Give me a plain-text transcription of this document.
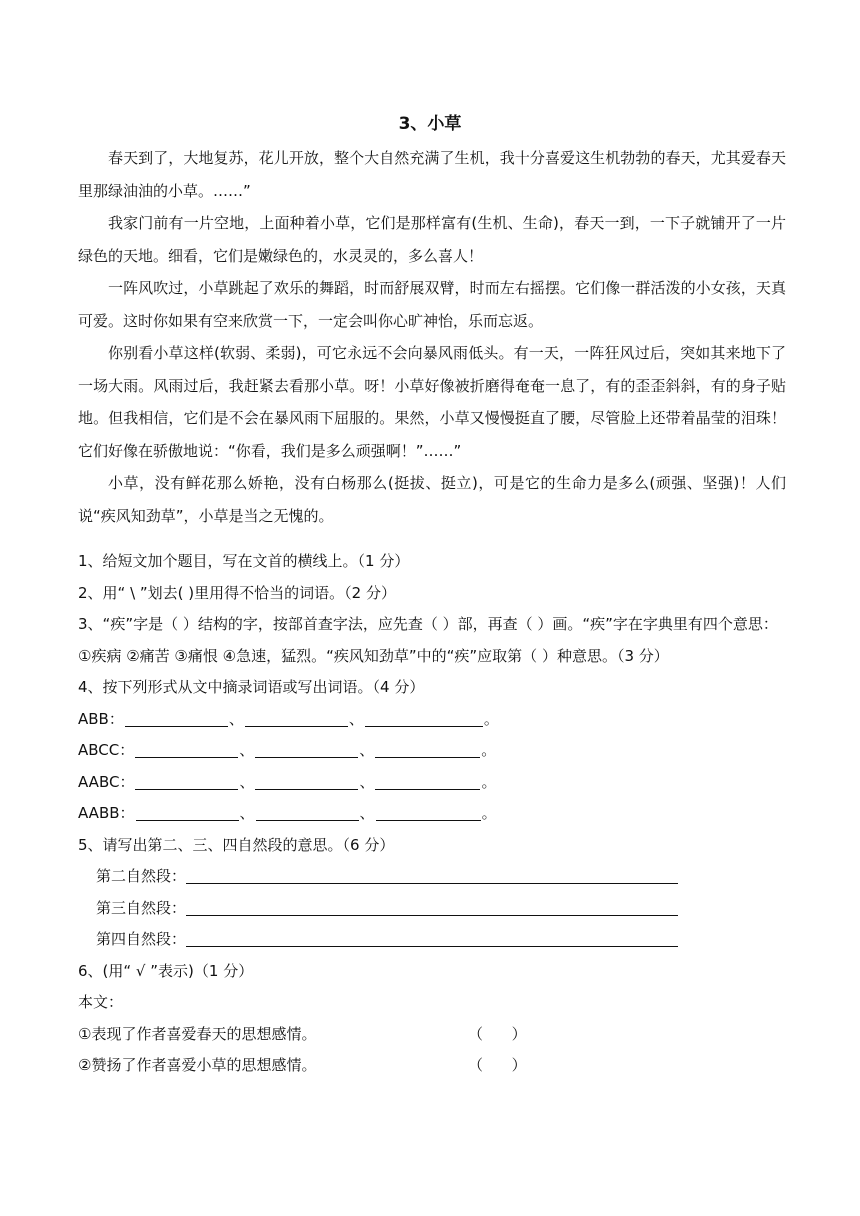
3、小草

春天到了，大地复苏，花儿开放，整个大自然充满了生机，我十分喜爱这生机勃勃的春天，尤其爱春天里那绿油油的小草。……”

我家门前有一片空地，上面种着小草，它们是那样富有(生机、生命)，春天一到，一下子就铺开了一片绿色的天地。细看，它们是嫩绿色的，水灵灵的，多么喜人！

一阵风吹过，小草跳起了欢乐的舞蹈，时而舒展双臂，时而左右摇摆。它们像一群活泼的小女孩，天真可爱。这时你如果有空来欣赏一下，一定会叫你心旷神怡，乐而忘返。

你别看小草这样(软弱、柔弱)，可它永远不会向暴风雨低头。有一天，一阵狂风过后，突如其来地下了一场大雨。风雨过后，我赶紧去看那小草。呀！小草好像被折磨得奄奄一息了，有的歪歪斜斜，有的身子贴地。但我相信，它们是不会在暴风雨下屈服的。果然，小草又慢慢挺直了腰，尽管脸上还带着晶莹的泪珠！它们好像在骄傲地说：“你看，我们是多么顽强啊！”……”

小草，没有鲜花那么娇艳，没有白杨那么(挺拔、挺立)，可是它的生命力是多么(顽强、坚强)！人们说“疾风知劲草”，小草是当之无愧的。

1、给短文加个题目，写在文首的横线上。（1 分）
2、用“ \ ”划去( )里用得不恰当的词语。（2 分）
3、“疾”字是（ ）结构的字，按部首查字法，应先查（ ）部，再查（ ）画。“疾”字在字典里有四个意思：①疾病 ②痛苦 ③痛恨 ④急速，猛烈。“疾风知劲草”中的“疾”应取第（ ）种意思。（3 分）
4、按下列形式从文中摘录词语或写出词语。（4 分）
ABB：	、	、	。
ABCC：	、	、	。
AABC：	、	、	。
AABB：	、	、	。
5、请写出第二、三、四自然段的意思。（6 分）
第二自然段：
第三自然段：
第四自然段：
6、(用“ √ ”表示)（1 分）
本文：
①表现了作者喜爱春天的思想感情。	（      ）
②赞扬了作者喜爱小草的思想感情。	（      ）
